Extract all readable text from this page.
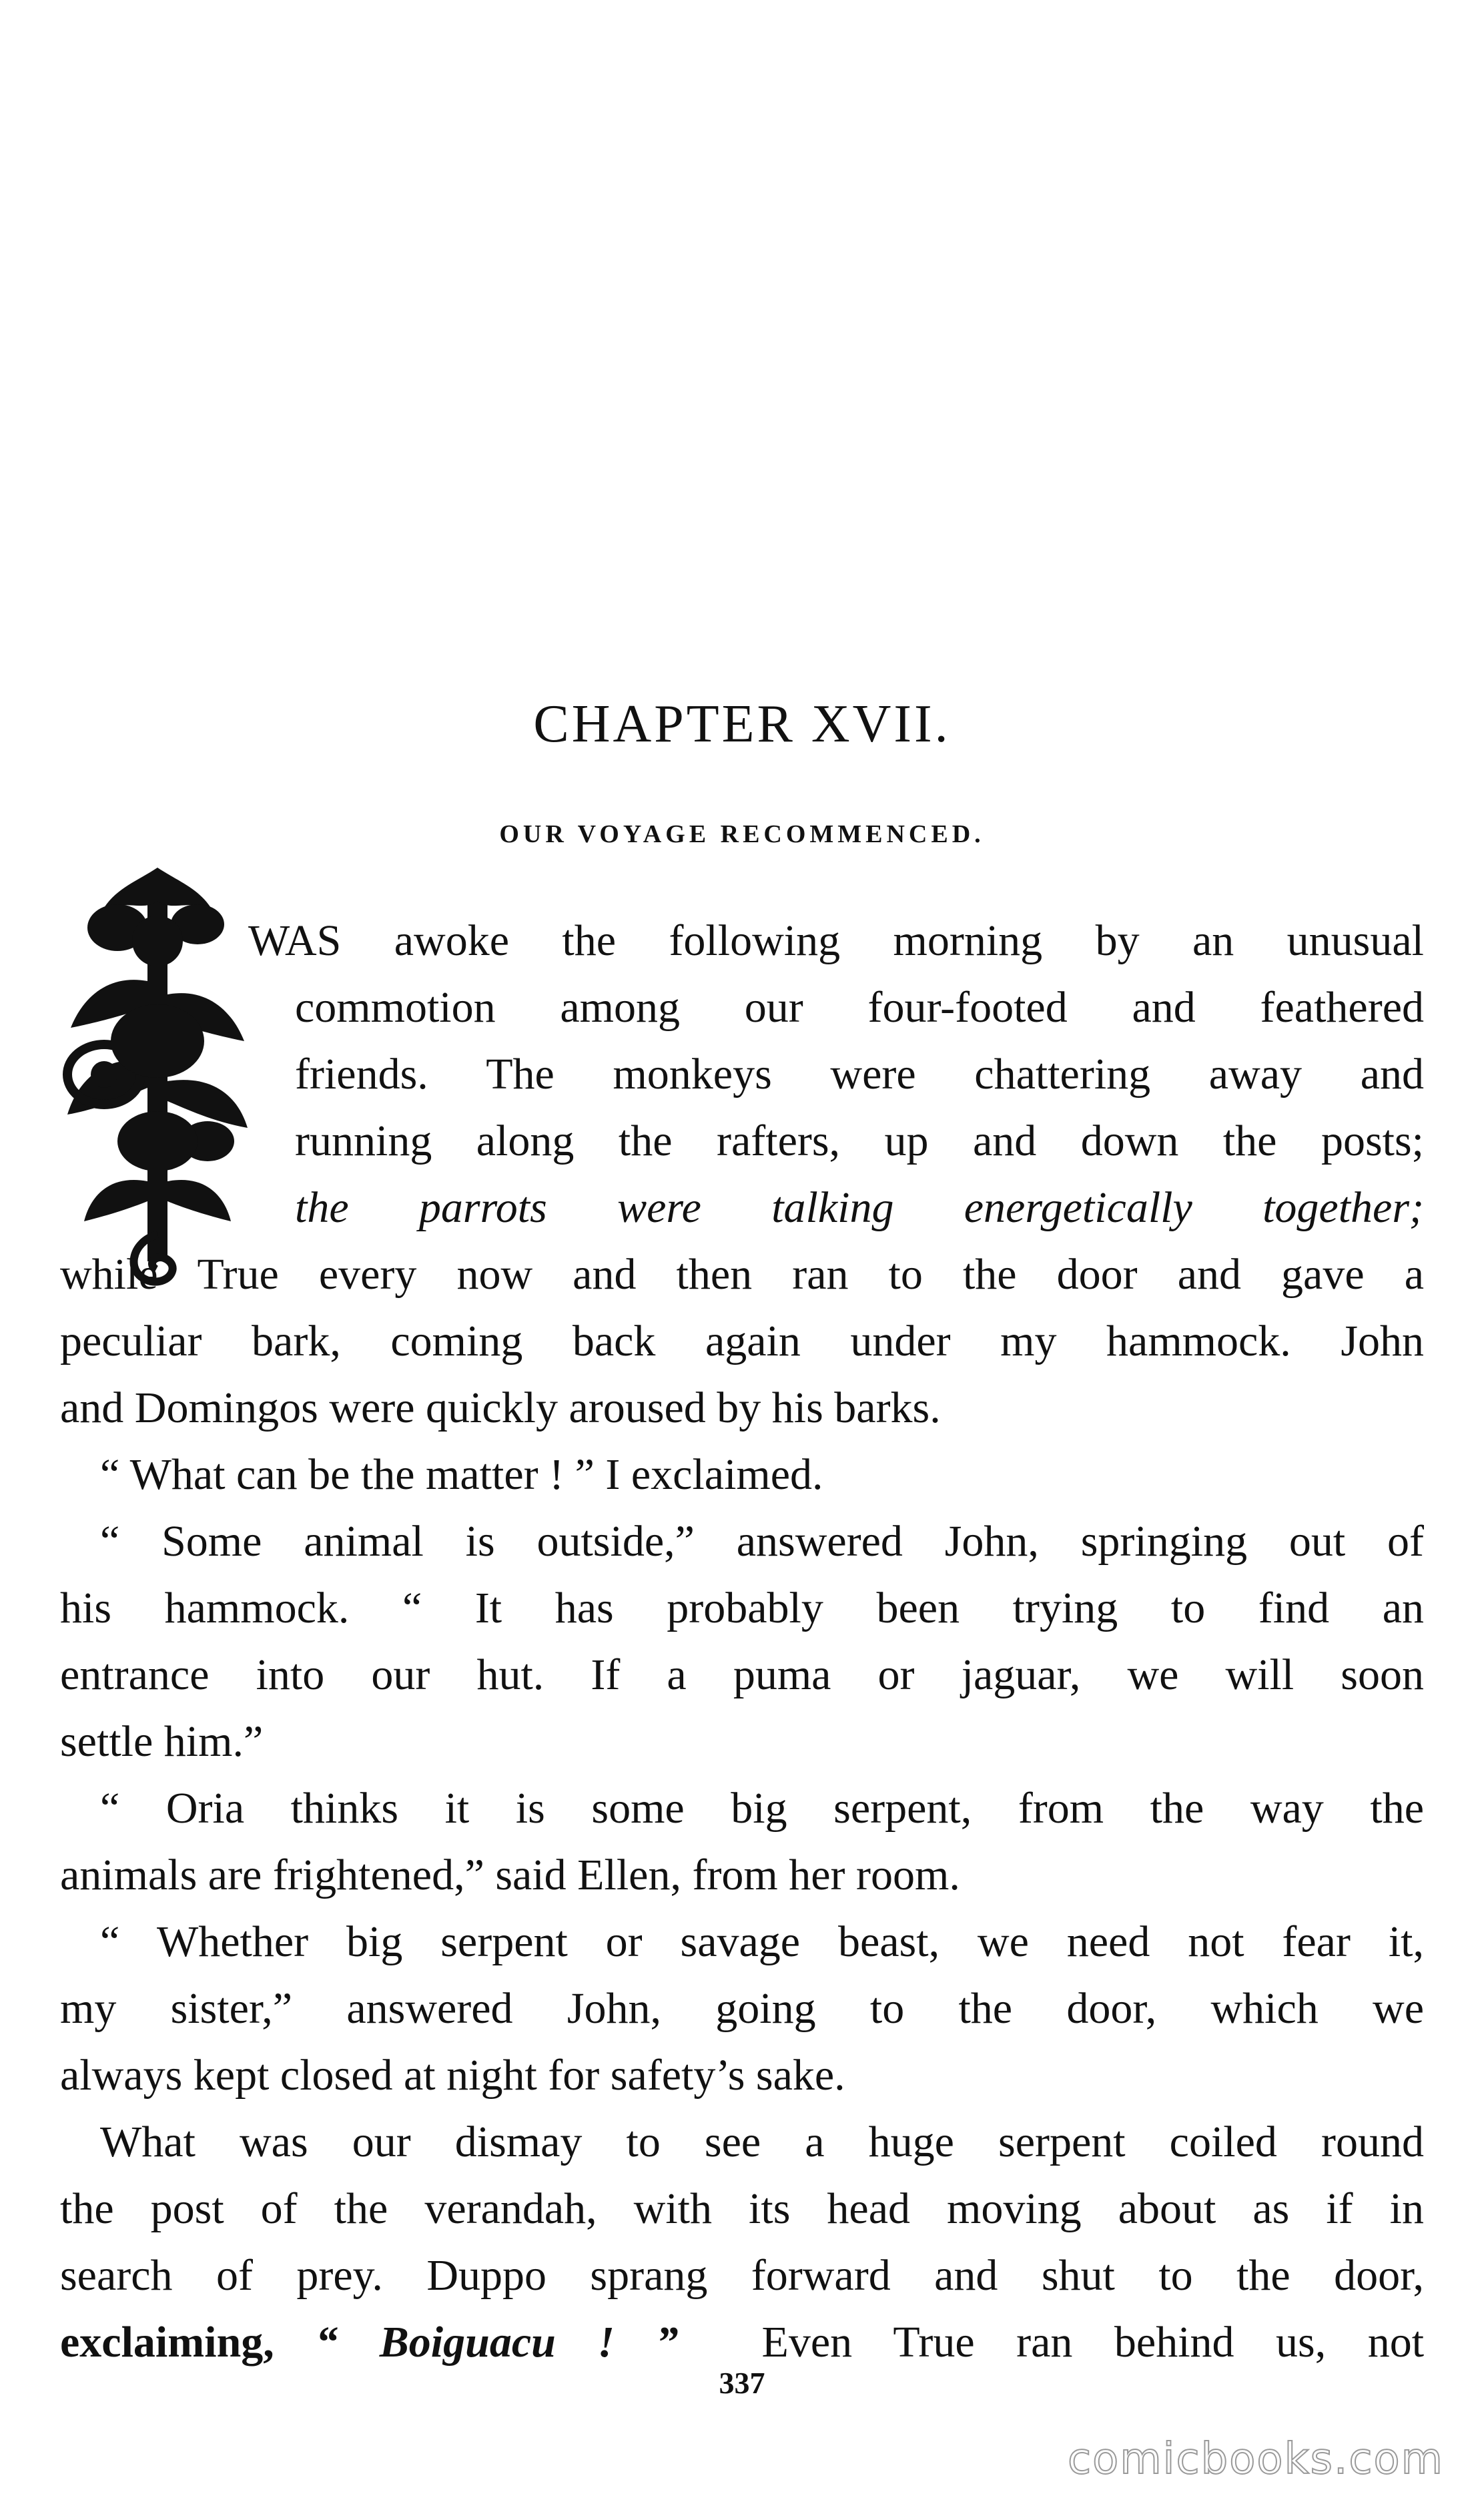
CHAPTER XVII.
OUR VOYAGE RECOMMENCED.
WAS awoke the following morning by an unusual
commotion among our four-footed and feathered
friends. The monkeys were chattering away and
running along the rafters, up and down the posts;
the parrots were talking energetically together;
while True every now and then ran to the door and gave a
peculiar bark, coming back again under my hammock. John
and Domingos were quickly aroused by his barks.
“ What can be the matter ! ” I exclaimed.
“ Some animal is outside,” answered John, springing out of
his hammock. “ It has probably been trying to find an
entrance into our hut. If a puma or jaguar, we will soon
settle him.”
“ Oria thinks it is some big serpent, from the way the
animals are frightened,” said Ellen, from her room.
“ Whether big serpent or savage beast, we need not fear it,
my sister,” answered John, going to the door, which we
always kept closed at night for safety’s sake.
What was our dismay to see a huge serpent coiled round
the post of the verandah, with its head moving about as if in
search of prey. Duppo sprang forward and shut to the door,
exclaiming, “ Boiguacu ! ” Even True ran behind us, not
337
comicbooks.com
